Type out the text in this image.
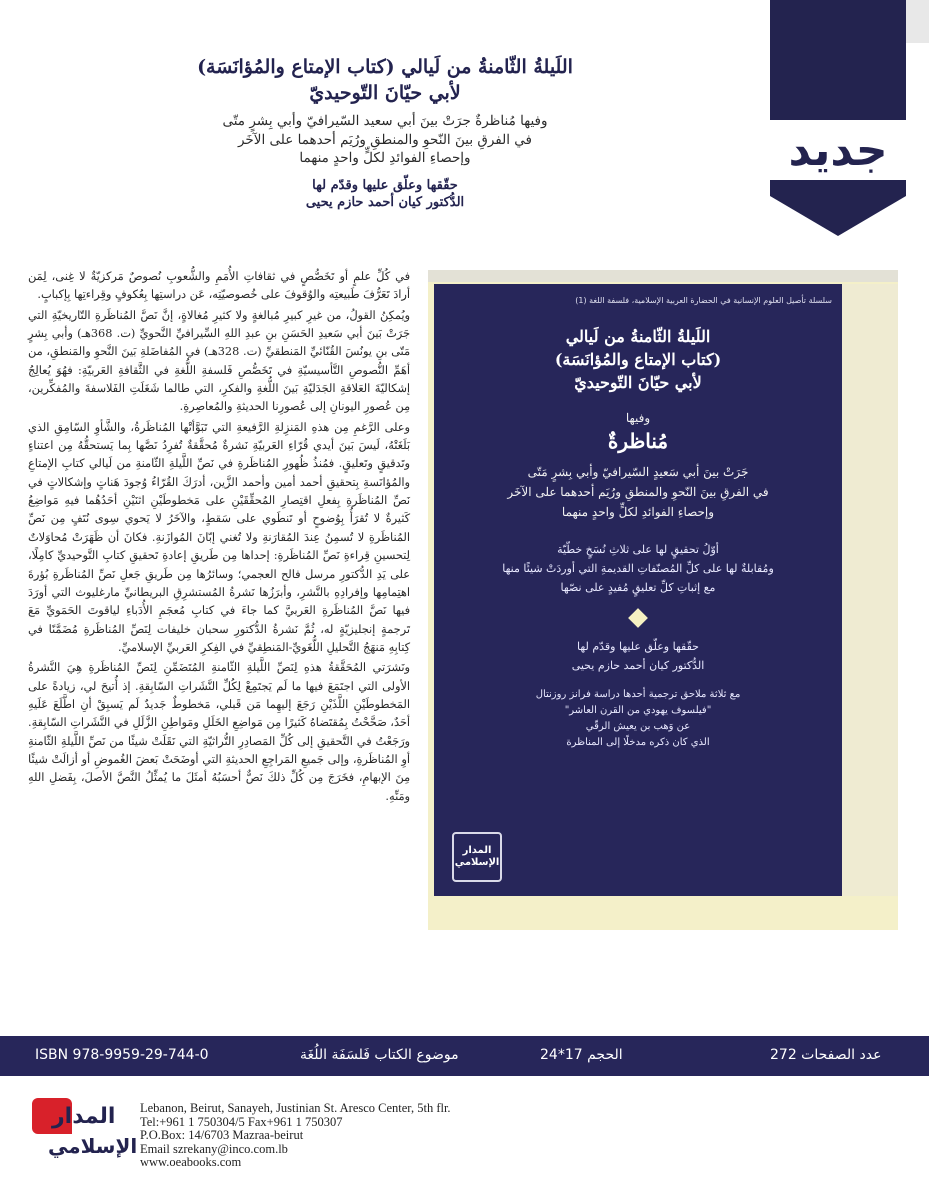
جديد

اللَيلةُ الثّامنةُ من لَيالي (كتاب الإمتاع والمُؤانَسَة)

لأبي حيّانَ التّوحيديّ

وفيها مُناظرةٌ جرَتْ بينَ أبي سعيد السّيرافيّ وأبي بِشرٍ متّى

في الفرقِ بينَ النّحوِ والمنطقِ ورُيَم أحدهما على الآخَر

وإحصاءِ الفوائدِ لكلٍّ واحدٍ منهما

حقّقها وعلّق عليها وقدّم لها

الدُّكتور كيان أحمد حازم يحيى

في كُلِّ علمٍ أو تَخَصُّصٍ في ثقافاتِ الأُمَمِ والشُّعوبِ نُصوصٌ مَركزيّةٌ لا غِنى، لِمَن أرادَ تَعَرُّفَ طَبيعتِه والوُقوفَ على خُصوصيّتِه، عَن دراستِها بِعُكوفٍ وقِراءتِها بِإكبابٍ.

ويُمكِنُ القولُ، من غيرِ كبيرِ مُبالغةٍ ولا كثيرِ مُغالاةٍ، إنَّ نَصَّ المُناظَرةِ التّاريخيّةِ التي جَرَتْ بَينَ أبي سَعيدِ الحَسَنِ بنِ عبدِ اللهِ السِّيرافيِّ النَّحويِّ (ت. 368هـ) وأبي بِشرٍ مَتّى بنِ يونُسَ القُنّائيِّ المَنطقيِّ (ت. 328هـ) في المُفاضَلةِ بَينَ النَّحوِ والمَنطقِ، من أهَمِّ النُّصوصِ التَّأسيسيّةِ في تَخَصُّصِ فَلسفةِ اللُّغةِ في الثَّقافةِ العَربيّةِ: فهُوَ يُعالِجُ إشكاليّةَ العَلاقةِ الجَدَليّةِ بَينَ اللُّغةِ والفكرِ، التي طالما شَغَلَتِ الفَلاسفةَ والمُفكِّرين، مِن عُصورِ اليونانِ إلى عُصورِنا الحديثةِ والمُعاصِرةِ.

وعلى الرَّغمِ مِن هذهِ المَنزِلةِ الرَّفيعةِ التي تَبَوَّأتْها المُناظَرةُ، والشَّأوِ السّامِقِ الذي بَلَغَتْهُ، لَيسَ بَينَ أيدي قُرّاءِ العَربيّةِ نَشرةٌ مُحقَّقةٌ تُفرِدُ نَصَّها بِما يَستحقُّهُ مِن اعتناءٍ وتَدقيقٍ وتَعليقٍ. فمُنذُ ظُهورِ المُناظَرةِ في نَصِّ اللَّيلةِ الثّامنةِ من لَيالي كتابِ الإمتاعِ والمُؤانَسةِ بِتحقيقِ أحمد أمين وأحمد الزَّين، أدرَكَ القُرّاءُ وُجودَ هَناتٍ وإشكالاتٍ في نَصِّ المُناظَرةِ بِفعلِ اقتِصارِ المُحقِّقَيْنِ على مَخطوطَيْنِ اثنَيْنِ أحَدُهُما فيهِ مَواضِعُ كَثيرةٌ لا تُقرَأُ بِوُضوحٍ أو تَنطَوي على سَقطٍ، والآخَرُ لا يَحوي سِوى نُتَفٍ مِن نَصِّ المُناظَرةِ لا تُسمِنُ عِندَ المُقارَنةِ ولا تُغني إبّانَ المُوازَنةِ. فكانَ أن ظَهَرَتْ مُحاوَلاتٌ لِتحسينِ قِراءةِ نَصِّ المُناظَرةِ: إحداها مِن طَريقِ إعادةِ تَحقيقِ كتابِ التَّوحيديِّ كامِلًا، على يَدِ الدُّكتورِ مرسل فالح العجمي؛ وسائرُها مِن طَريقِ جَعلِ نَصِّ المُناظَرةِ بُؤرةَ اهتِمامِها وإفرادِهِ بالنَّشرِ، وأبرَزُها نَشرةُ المُستشرِقِ البريطانيِّ مارغليوث التي أورَدَ فيها نَصَّ المُناظَرةِ العَربيَّ كما جاءَ في كتابِ مُعجَمِ الأُدَباءِ لياقوتَ الحَمَويِّ مَعَ تَرجمةٍ إنجليزيّةٍ له، ثُمَّ نَشرةُ الدُّكتورِ سحبان خليفات لِنَصِّ المُناظَرةِ مُضَمَّنًا في كِتابِهِ مَنهَجُ التَّحليلِ اللُّغَويِّ-المَنطِقيِّ في الفِكرِ العَربيِّ الإسلاميِّ.

ونَشرَتي المُحَقَّقةُ هذهِ لِنَصِّ اللَّيلةِ الثّامنةِ المُتَضَمِّنِ لِنَصِّ المُناظَرةِ هِيَ النَّشرةُ الأولى التي اجتَمَعَ فيها ما لَم يَجتَمِعْ لِكُلِّ النَّشَراتِ السّابِقةِ. إذ أُتيحَ لي، زيادةً على المَخطوطَيْنِ اللَّذَيْنِ رَجَعَ إليهِما مَن قَبلي، مَخطوطٌ جَديدٌ لَم يَسبِقْ أنِ اطَّلَعَ عَلَيهِ أحَدٌ، صَحَّحْتُ بِمُقتَضاهُ كَثيرًا مِن مَواضِعِ الخَلَلِ ومَواطِنِ الزَّلَلِ في النَّشَراتِ السّابِقةِ. ورَجَعْتُ في التَّحقيقِ إلى كُلِّ المَصادِرِ التُّراثيّةِ التي نَقَلَتْ شيئًا من نَصِّ اللَّيلةِ الثّامنةِ أوِ المُناظَرةِ، وإلى جَميعِ المَراجِعِ الحديثةِ التي أوضَحَتْ بَعضَ الغُموضِ أو أزالَتْ شيئًا مِنَ الإبهامِ، فخَرَجَ مِن كُلِّ ذلكَ نَصٌّ أحسَبُهُ أمثَلَ ما يُمثِّلُ النَّصَّ الأصلَ، بِفَضلِ اللهِ ومَنِّهِ.

سلسلة تأصيل العلوم الإنسانية في الحضارة العربية الإسلامية، فلسفة اللغة (1)
اللَيلةُ الثّامنةُ من لَيالي
(كتاب الإمتاع والمُؤانَسَة)
لأبي حيّانَ التّوحيديّ
وفيها
مُناظرةٌ
جَرَتْ بينَ أبي سَعيدٍ السّيرافيّ وأبي بِشرٍ مَتّى
في الفرقِ بينَ النّحوِ والمنطقِ ورُيَم أحدهما على الآخَر
وإحصاءِ الفوائدِ لكلٍّ واحدٍ منهما
أوّلُ تحقيقٍ لها على ثلاثِ نُسَخٍ خطّيّة
ومُقابلةٌ لها على كلِّ المُصنّفاتِ القديمةِ التي أوردَتْ شيئًا منها
مع إثباتِ كلِّ تعليقٍ مُفيدٍ على نصّها
حقّقها وعلّق عليها وقدّم لها
الدُّكتور كيان أحمد حازم يحيى
مع ثلاثة ملاحق ترجمية أحدها دراسة فرانز روزنتال
"فيلسوف يهودي من القرن العاشر"
عن وَهب بن يعيش الرقّي
الذي كان ذكره مدخلًا إلى المناظرة
المدار
الإسلامي
ISBN 978-9959-29-744-0	موضوع الكتاب فَلسَفَة اللُغَة	الحجم 17*24	عدد الصفحات 272
المدار
الإسلامي
Lebanon, Beirut, Sanayeh, Justinian St. Aresco Center, 5th flr.
Tel:+961 1 750304/5 Fax+961 1 750307
P.O.Box: 14/6703 Mazraa-beirut
Email szrekany@inco.com.lb
www.oeabooks.com
